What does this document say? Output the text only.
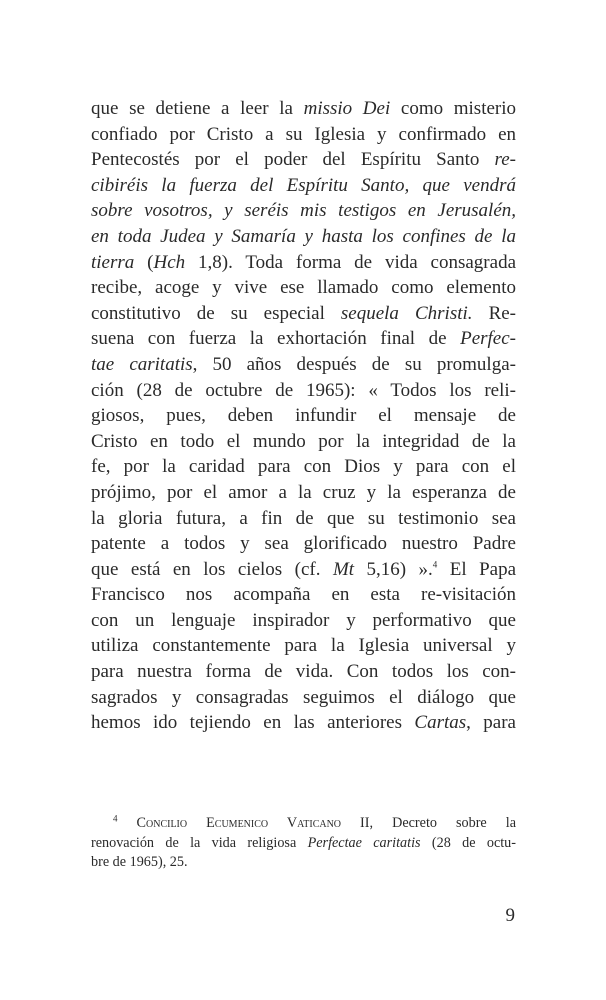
que se detiene a leer la missio Dei como misterio
confiado por Cristo a su Iglesia y confirmado en
Pentecostés por el poder del Espíritu Santo re-
cibiréis la fuerza del Espíritu Santo, que vendrá
sobre vosotros, y seréis mis testigos en Jerusalén,
en toda Judea y Samaría y hasta los confines de la
tierra (Hch 1,8). Toda forma de vida consagrada
recibe, acoge y vive ese llamado como elemento
constitutivo de su especial sequela Christi. Re-
suena con fuerza la exhortación final de Perfec-
tae caritatis, 50 años después de su promulga-
ción (28 de octubre de 1965): « Todos los reli-
giosos, pues, deben infundir el mensaje de
Cristo en todo el mundo por la integridad de la
fe, por la caridad para con Dios y para con el
prójimo, por el amor a la cruz y la esperanza de
la gloria futura, a fin de que su testimonio sea
patente a todos y sea glorificado nuestro Padre
que está en los cielos (cf. Mt 5,16) ».$^4$ El Papa
Francisco nos acompaña en esta re-visitación
con un lenguaje inspirador y performativo que
utiliza constantemente para la Iglesia universal y
para nuestra forma de vida. Con todos los con-
sagrados y consagradas seguimos el diálogo que
hemos ido tejiendo en las anteriores Cartas, para
$^4$ Concilio Ecumenico Vaticano II, Decreto sobre la
renovación de la vida religiosa Perfectae caritatis (28 de octu-
bre de 1965), 25.
9
